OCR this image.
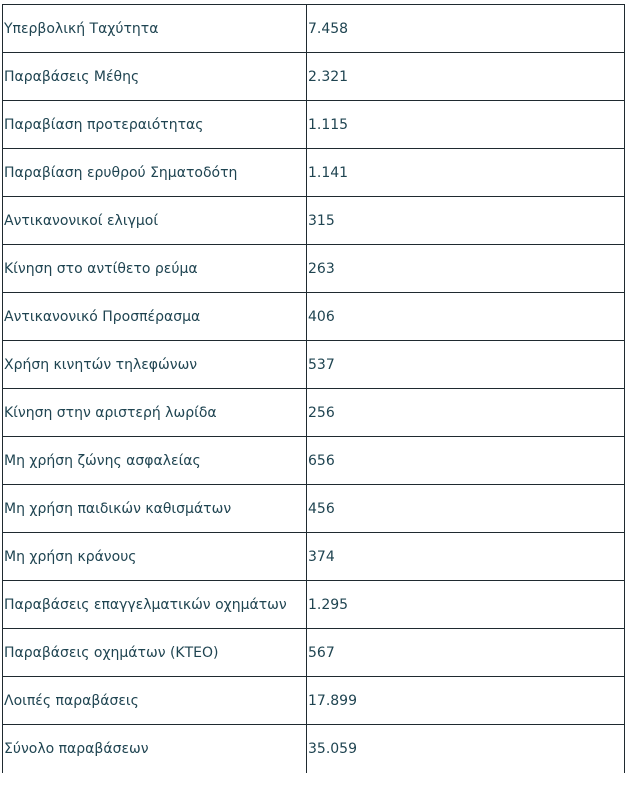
Υπερβολική Ταχύτητα	7.458
Παραβάσεις Μέθης	2.321
Παραβίαση προτεραιότητας	1.115
Παραβίαση ερυθρού Σηματοδότη	1.141
Αντικανονικοί ελιγμοί	315
Κίνηση στο αντίθετο ρεύμα	263
Αντικανονικό Προσπέρασμα	406
Χρήση κινητών τηλεφώνων	537
Κίνηση στην αριστερή λωρίδα	256
Μη χρήση ζώνης ασφαλείας	656
Μη χρήση παιδικών καθισμάτων	456
Μη χρήση κράνους	374
Παραβάσεις επαγγελματικών οχημάτων	1.295
Παραβάσεις οχημάτων (ΚΤΕΟ)	567
Λοιπές παραβάσεις	17.899
Σύνολο παραβάσεων	35.059
